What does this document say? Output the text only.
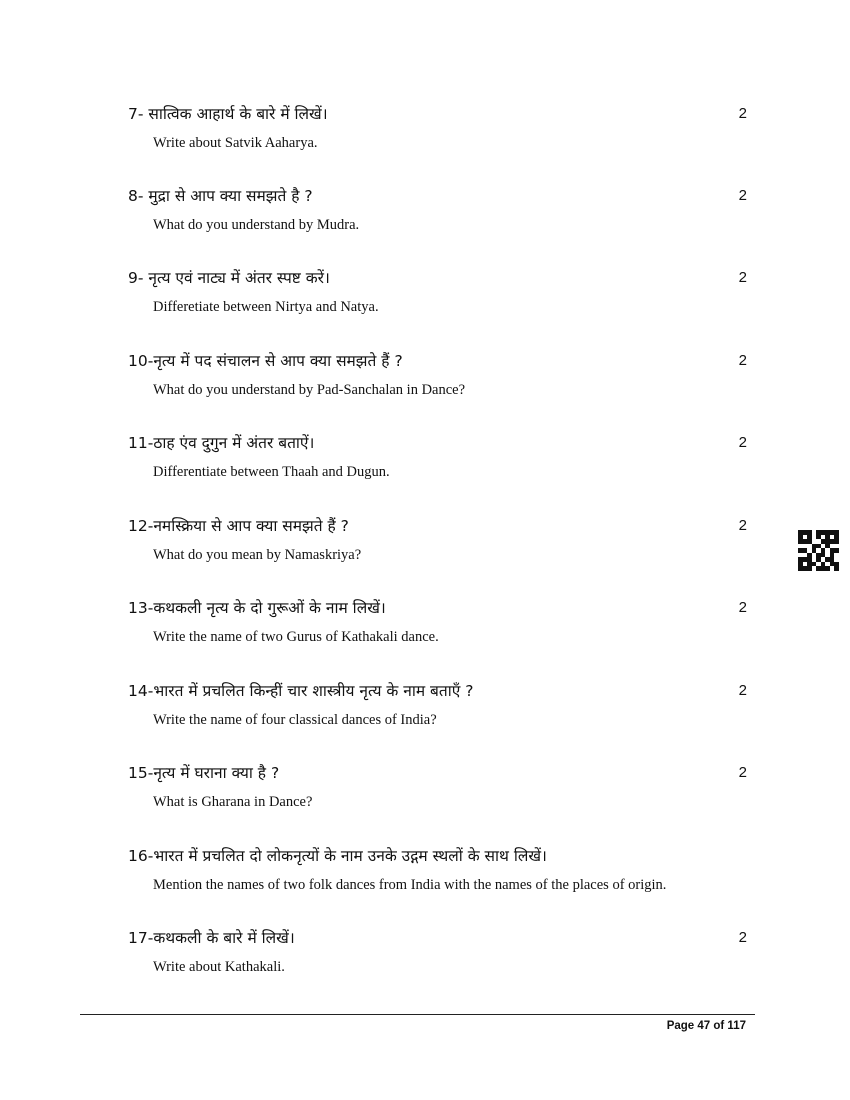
7- सात्विक आहार्थ के बारे में लिखें।	2
Write about Satvik Aaharya.
8- मुद्रा से आप क्या समझते है ?	2
What do you understand by Mudra.
9- नृत्य एवं नाट्य में अंतर स्पष्ट करें।	2
Differetiate between Nirtya and Natya.
10-नृत्य में पद संचालन से आप क्या समझते हैं ?	2
What do you understand by Pad-Sanchalan in Dance?
11-ठाह एंव दुगुन में अंतर बताऐं।	2
Differentiate between Thaah and Dugun.
12-नमस्क्रिया से आप क्या समझते हैं ?	2
What do you mean by Namaskriya?
13-कथकली नृत्य के दो गुरूओं के नाम लिखें।	2
Write the name of two Gurus of Kathakali dance.
14-भारत में प्रचलित किन्हीं चार शास्त्रीय नृत्य के नाम बताएँ ?	2
Write the name of four classical dances of India?
15-नृत्य में घराना क्या है ?	2
What is Gharana in Dance?
16-भारत में प्रचलित दो लोकनृत्यों के नाम उनके उद्गम स्थलों के साथ लिखें।
Mention the names of two folk dances from India with the names of the places of origin.
17-कथकली के बारे में लिखें।	2
Write about Kathakali.
Page 47 of 117
